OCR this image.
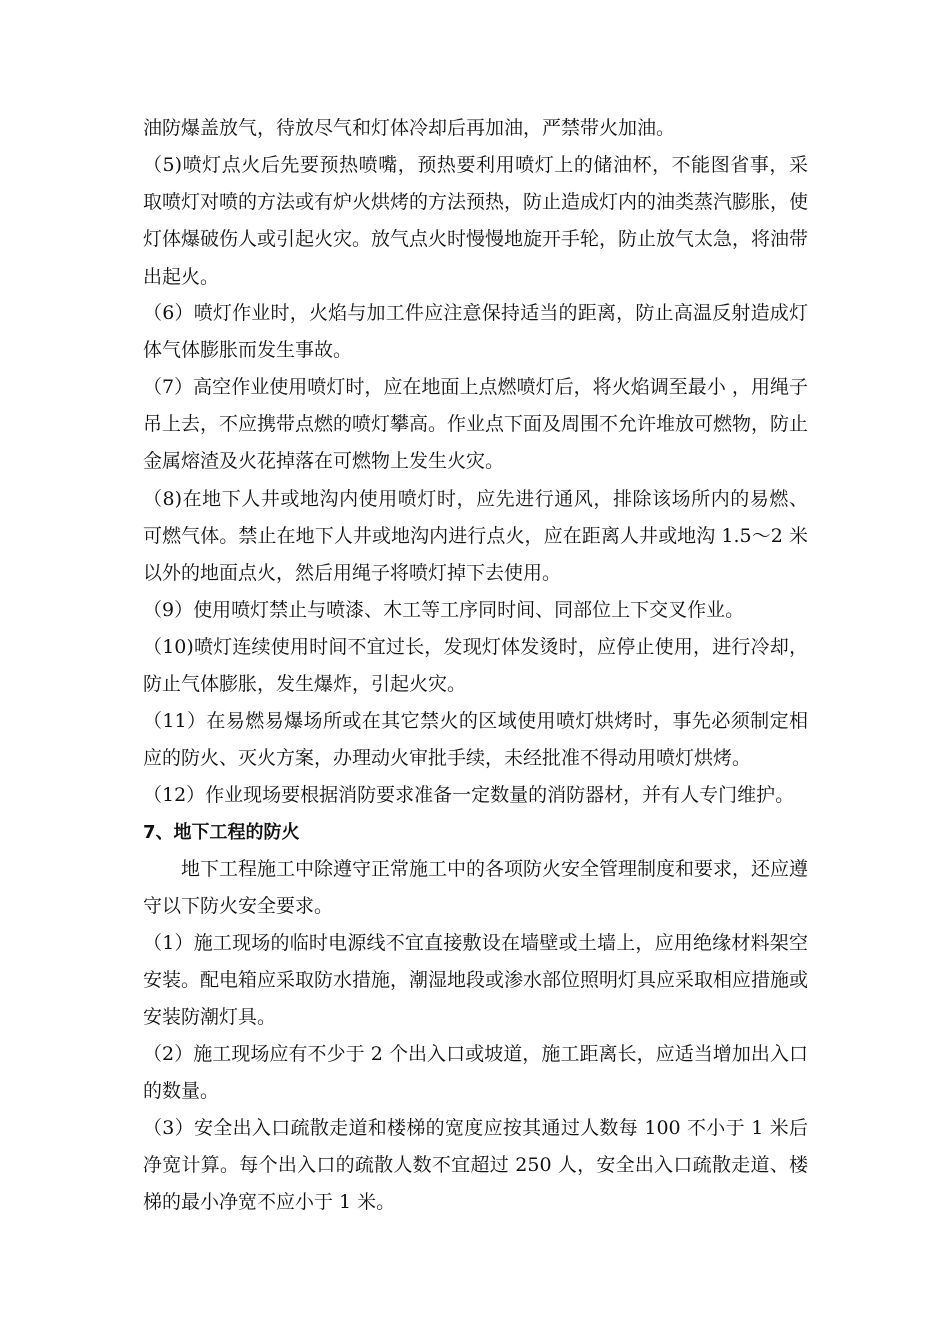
油防爆盖放气，待放尽气和灯体冷却后再加油，严禁带火加油。

（5)喷灯点火后先要预热喷嘴，预热要利用喷灯上的储油杯，不能图省事，采取喷灯对喷的方法或有炉火烘烤的方法预热，防止造成灯内的油类蒸汽膨胀，使灯体爆破伤人或引起火灾。放气点火时慢慢地旋开手轮，防止放气太急，将油带出起火。

（6）喷灯作业时，火焰与加工件应注意保持适当的距离，防止高温反射造成灯体气体膨胀而发生事故。

（7）高空作业使用喷灯时，应在地面上点燃喷灯后，将火焰调至最小 ，用绳子吊上去，不应携带点燃的喷灯攀高。作业点下面及周围不允许堆放可燃物，防止金属熔渣及火花掉落在可燃物上发生火灾。

（8)在地下人井或地沟内使用喷灯时，应先进行通风，排除该场所内的易燃、可燃气体。禁止在地下人井或地沟内进行点火，应在距离人井或地沟 1.5～2 米以外的地面点火，然后用绳子将喷灯掉下去使用。

（9）使用喷灯禁止与喷漆、木工等工序同时间、同部位上下交叉作业。

（10)喷灯连续使用时间不宜过长，发现灯体发烫时，应停止使用，进行冷却，防止气体膨胀，发生爆炸，引起火灾。

（11）在易燃易爆场所或在其它禁火的区域使用喷灯烘烤时，事先必须制定相应的防火、灭火方案，办理动火审批手续，未经批准不得动用喷灯烘烤。

（12）作业现场要根据消防要求准备一定数量的消防器材，并有人专门维护。

7、地下工程的防火

地下工程施工中除遵守正常施工中的各项防火安全管理制度和要求，还应遵守以下防火安全要求。

（1）施工现场的临时电源线不宜直接敷设在墙壁或土墙上，应用绝缘材料架空安装。配电箱应采取防水措施，潮湿地段或渗水部位照明灯具应采取相应措施或安装防潮灯具。

（2）施工现场应有不少于 2 个出入口或坡道，施工距离长，应适当增加出入口的数量。

（3）安全出入口疏散走道和楼梯的宽度应按其通过人数每 100 不小于 1 米后净宽计算。每个出入口的疏散人数不宜超过 250 人，安全出入口疏散走道、楼梯的最小净宽不应小于 1 米。
